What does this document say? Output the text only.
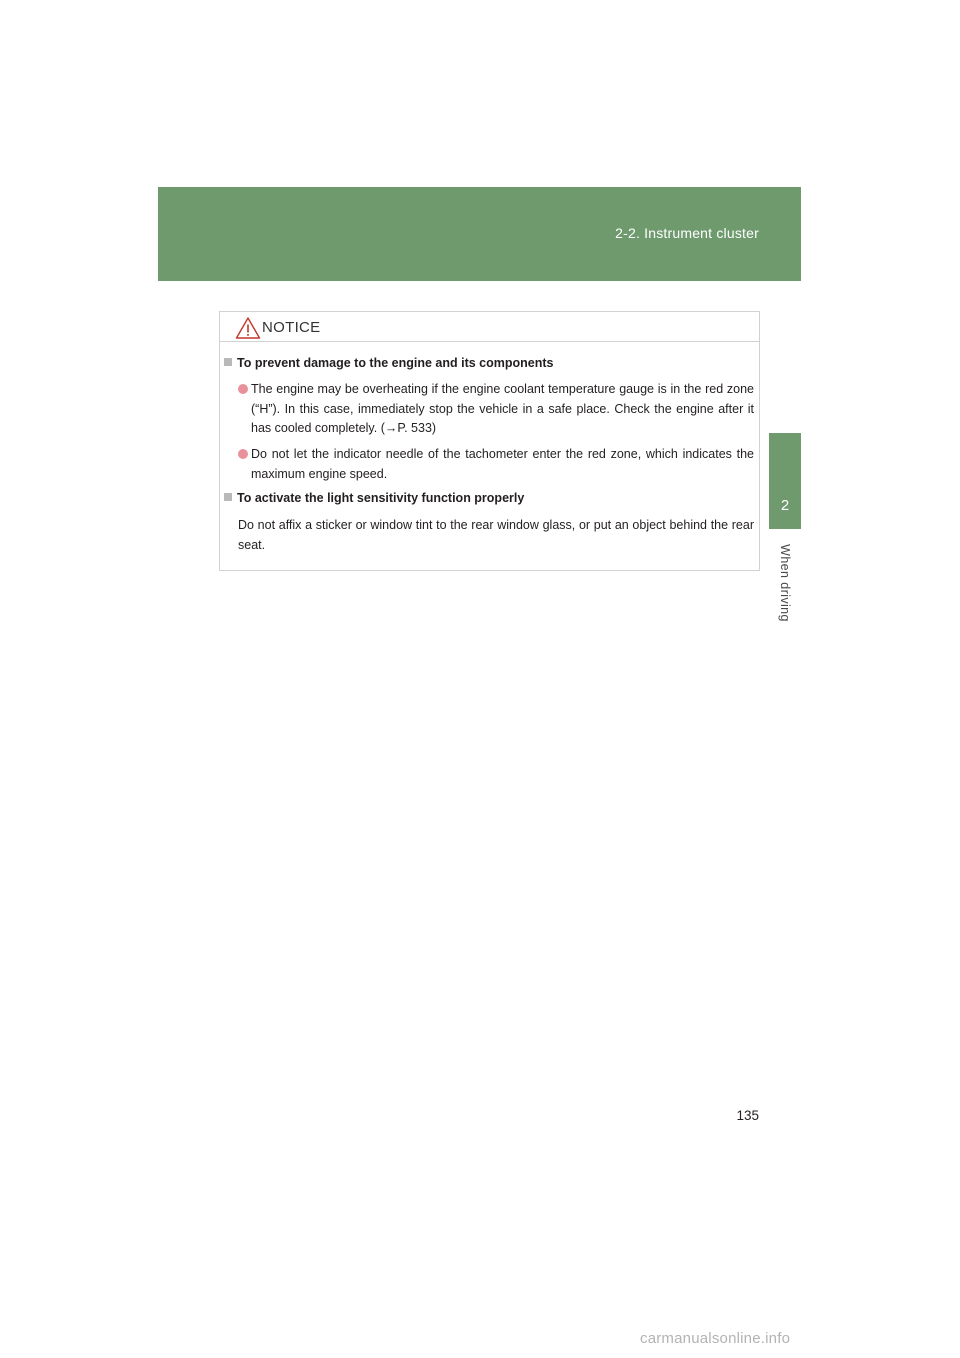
2-2. Instrument cluster
2
When driving
NOTICE
To prevent damage to the engine and its components
The engine may be overheating if the engine coolant temperature gauge is in the red zone (“H”). In this case, immediately stop the vehicle in a safe place. Check the engine after it has cooled completely. (→P. 533)
Do not let the indicator needle of the tachometer enter the red zone, which indicates the maximum engine speed.
To activate the light sensitivity function properly
Do not affix a sticker or window tint to the rear window glass, or put an object behind the rear seat.
135
carmanualsonline.info
